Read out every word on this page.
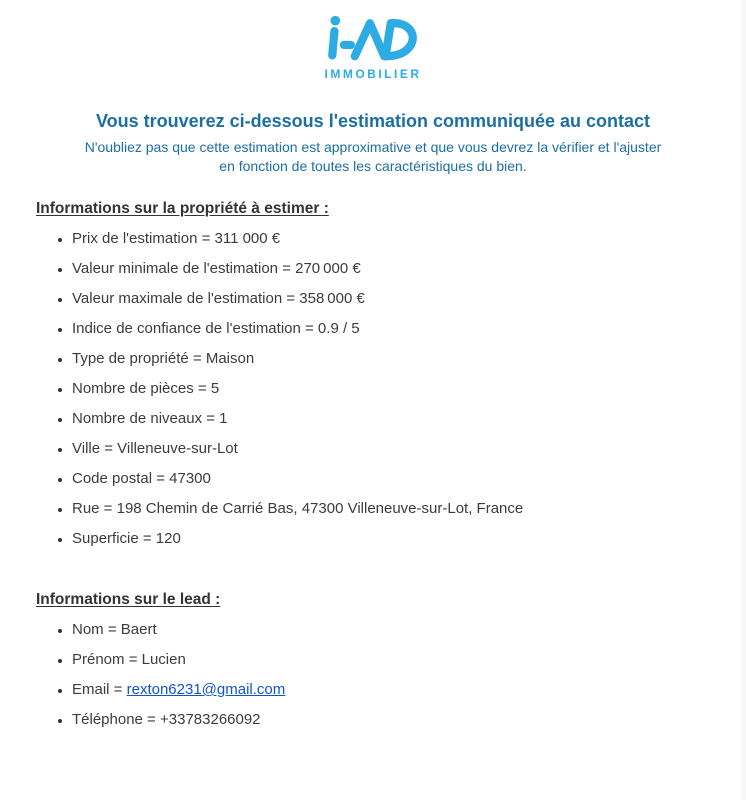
IMMOBILIER
Vous trouverez ci-dessous l'estimation communiquée au contact

N'oubliez pas que cette estimation est approximative et que vous devrez la vérifier et l'ajuster
en fonction de toutes les caractéristiques du bien.

Informations sur la propriété à estimer :
• Prix de l'estimation = 311 000 €
• Valeur minimale de l'estimation = 270 000 €
• Valeur maximale de l'estimation = 358 000 €
• Indice de confiance de l'estimation = 0.9 / 5
• Type de propriété = Maison
• Nombre de pièces = 5
• Nombre de niveaux = 1
• Ville = Villeneuve-sur-Lot
• Code postal = 47300
• Rue = 198 Chemin de Carrié Bas, 47300 Villeneuve-sur-Lot, France
• Superficie = 120
Informations sur le lead :
• Nom = Baert
• Prénom = Lucien
• Email = rexton6231@gmail.com
• Téléphone = +33783266092
